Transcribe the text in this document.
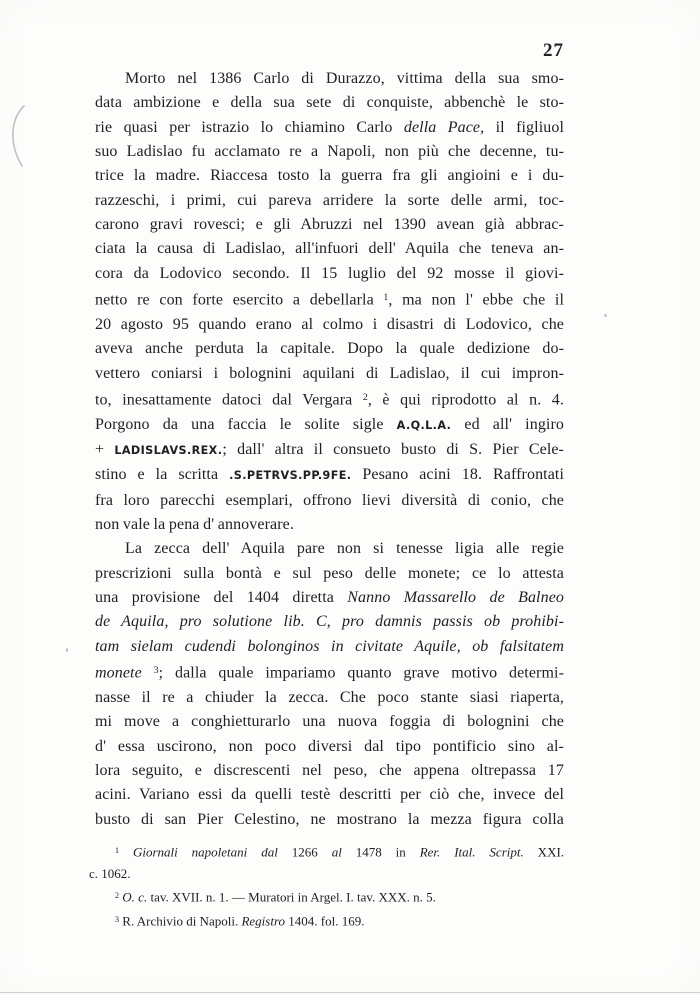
27
Morto nel 1386 Carlo di Durazzo, vittima della sua smo-
data ambizione e della sua sete di conquiste, abbenchè le sto-
rie quasi per istrazio lo chiamino Carlo della Pace, il figliuol
suo Ladislao fu acclamato re a Napoli, non più che decenne, tu-
trice la madre. Riaccesa tosto la guerra fra gli angioini e i du-
razzeschi, i primi, cui pareva arridere la sorte delle armi, toc-
carono gravi rovesci; e gli Abruzzi nel 1390 avean già abbrac-
ciata la causa di Ladislao, all'infuori dell' Aquila che teneva an-
cora da Lodovico secondo. Il 15 luglio del 92 mosse il giovi-
netto re con forte esercito a debellarla $^1$, ma non l' ebbe che il
20 agosto 95 quando erano al colmo i disastri di Lodovico, che
aveva anche perduta la capitale. Dopo la quale dedizione do-
vettero coniarsi i bolognini aquilani di Ladislao, il cui impron-
to, inesattamente datoci dal Vergara $^2$, è qui riprodotto al n. 4.
Porgono da una faccia le solite sigle A.Q.L.A. ed all' ingiro
+ LADISLAVS.REX.; dall' altra il consueto busto di S. Pier Cele-
stino e la scritta .S.PETRVS.PP.9FE. Pesano acini 18. Raffrontati
fra loro parecchi esemplari, offrono lievi diversità di conio, che
non vale la pena d' annoverare.
La zecca dell' Aquila pare non si tenesse ligia alle regie
prescrizioni sulla bontà e sul peso delle monete; ce lo attesta
una provisione del 1404 diretta Nanno Massarello de Balneo
de Aquila, pro solutione lib. C, pro damnis passis ob prohibi-
tam sielam cudendi bolonginos in civitate Aquile, ob falsitatem
monete $^3$; dalla quale impariamo quanto grave motivo determi-
nasse il re a chiuder la zecca. Che poco stante siasi riaperta,
mi move a conghietturarlo una nuova foggia di bolognini che
d' essa uscirono, non poco diversi dal tipo pontificio sino al-
lora seguito, e discrescenti nel peso, che appena oltrepassa 17
acini. Variano essi da quelli testè descritti per ciò che, invece del
busto di san Pier Celestino, ne mostrano la mezza figura colla
$^1$ Giornali napoletani dal 1266 al 1478 in Rer. Ital. Script. XXI.
c. 1062.
$^2$ O. c. tav. XVII. n. 1. — Muratori in Argel. I. tav. XXX. n. 5.
$^3$ R. Archivio di Napoli. Registro 1404. fol. 169.
